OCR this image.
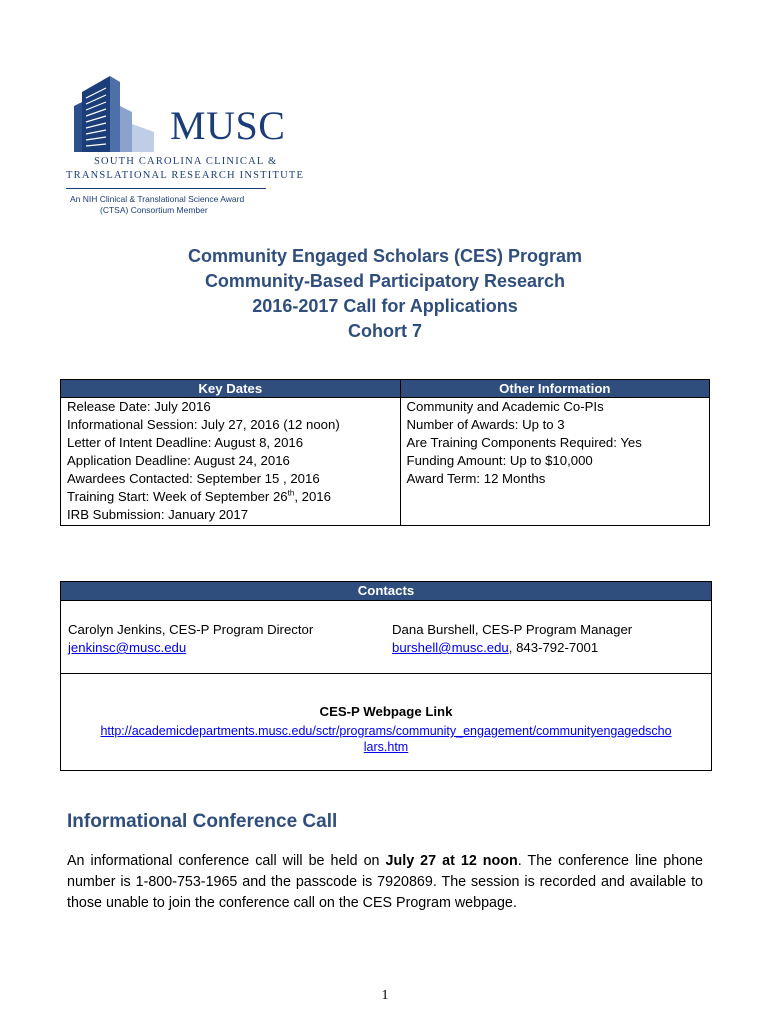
MUSC
SOUTH CAROLINA CLINICAL &
TRANSLATIONAL RESEARCH INSTITUTE
An NIH Clinical & Translational Science Award
(CTSA) Consortium Member
Community Engaged Scholars (CES) Program
Community-Based Participatory Research
2016-2017 Call for Applications
Cohort 7
Key Dates	Other Information
Release Date: July 2016	Community and Academic Co-PIs
Informational Session: July 27, 2016 (12 noon)	Number of Awards: Up to 3
Letter of Intent Deadline: August 8, 2016	Are Training Components Required: Yes
Application Deadline: August 24, 2016	Funding Amount: Up to $10,000
Awardees Contacted: September 15 , 2016	Award Term: 12 Months
Training Start: Week of September 26th, 2016	
IRB Submission: January 2017	
Contacts
Carolyn Jenkins, CES-P Program Director
jenkinsc@musc.edu
Dana Burshell, CES-P Program Manager
burshell@musc.edu, 843-792-7001
CES-P Webpage Link
http://academicdepartments.musc.edu/sctr/programs/community_engagement/communityengagedscho
lars.htm
Informational Conference Call
An informational conference call will be held on July 27 at 12 noon. The conference line phone number is 1-800-753-1965 and the passcode is 7920869. The session is recorded and available to those unable to join the conference call on the CES Program webpage.
1
